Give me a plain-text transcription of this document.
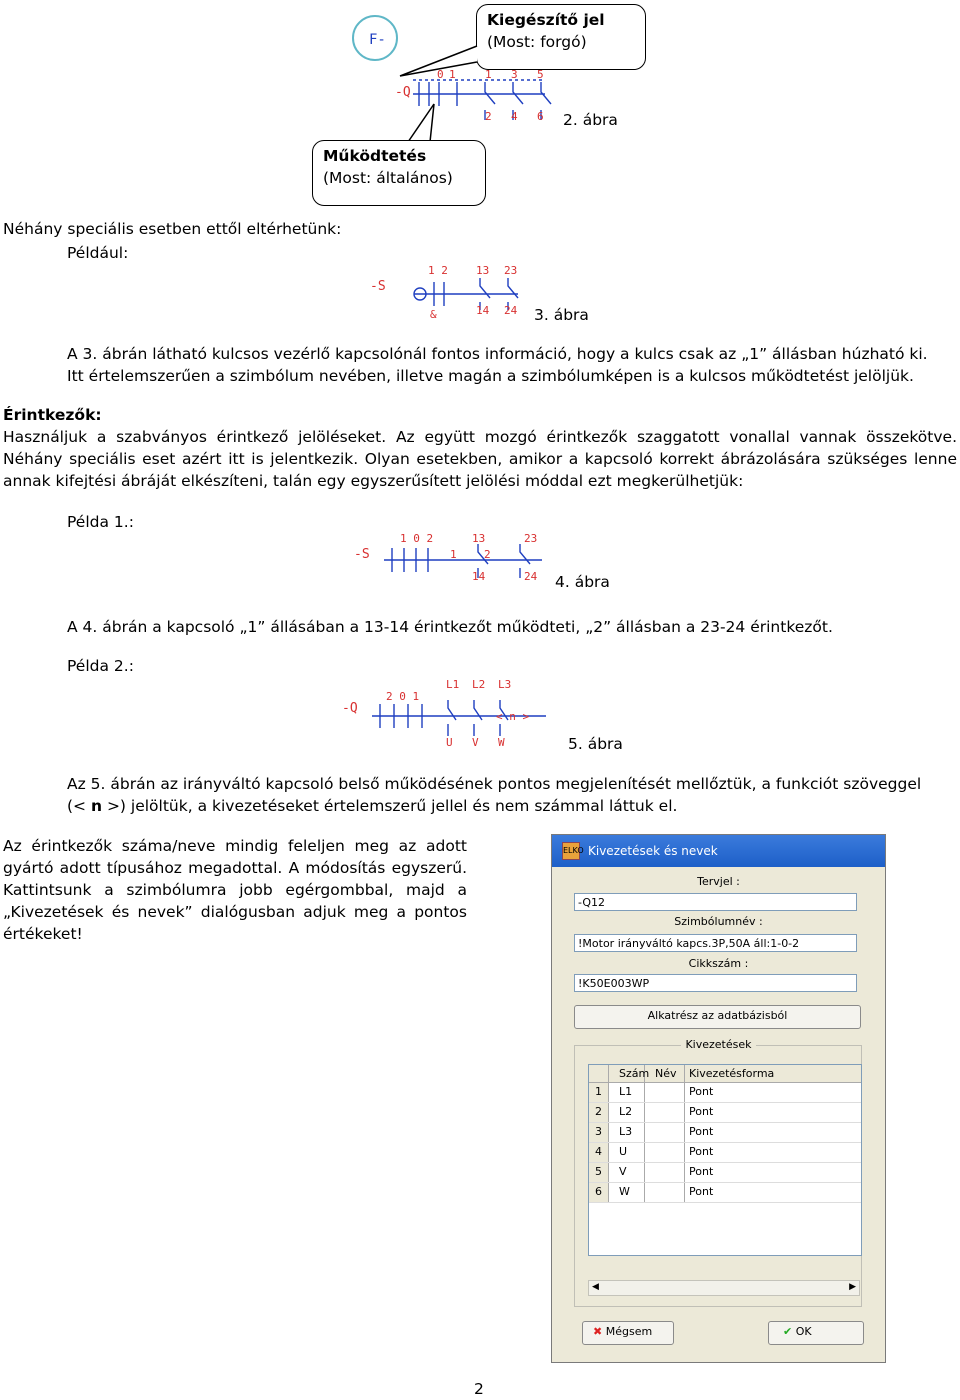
Kiegészítő jel
(Most: forgó)
F-
-Q
0 1	1 3 5
2 4 6 2. ábra
Működtetés
(Most: általános)
Néhány speciális esetben ettől eltérhetünk:
Például:
-S
1 2	13 23
&	14 24 3. ábra
A 3. ábrán látható kulcsos vezérlő kapcsolónál fontos információ, hogy a kulcs csak az „1” állásban húzható ki.
Itt értelemszerűen a szimbólum nevében, illetve magán a szimbólumképen is a kulcsos működtetést jelöljük.
Érintkezők:
Használjuk a szabványos érintkező jelöléseket. Az együtt mozgó érintkezők szaggatott vonallal vannak összekötve. Néhány speciális eset azért itt is jelentkezik. Olyan esetekben, amikor a kapcsoló korrekt ábrázolására szükséges lenne annak kifejtési ábráját elkészíteni, talán egy egyszerűsített jelölési móddal ezt megkerülhetjük:
Példa 1.:
-S
1 0 2	13	23
1 2
14	24 4. ábra
A 4. ábrán a kapcsoló „1” állásában a 13-14 érintkezőt működteti, „2” állásban a 23-24 érintkezőt.
Példa 2.:
-Q
2 0 1
L1 L2 L3
< n >
U V W	5. ábra
Az 5. ábrán az irányváltó kapcsoló belső működésének pontos megjelenítését mellőztük, a funkciót szöveggel
(< n >) jelöltük, a kivezetéseket értelemszerű jellel és nem számmal láttuk el.
Az érintkezők száma/neve mindig feleljen meg az adott gyártó adott típusához megadottal. A módosítás egyszerű. Kattintsunk a szimbólumra jobb egérgombbal, majd a „Kivezetések és nevek” dialógusban adjuk meg a pontos értékeket!
ELKO Kivezetések és nevek
Tervjel :
-Q12
Szimbólumnév :
!Motor irányváltó kapcs.3P,50A áll:1-0-2
Cikkszám :
!K50E003WP
Alkatrész az adatbázisból
Kivezetések
Szám Név	Kivezetésforma
1	L1	Pont
2	L2	Pont
3	L3	Pont
4	U	Pont
5	V	Pont
6	W	Pont
◀	▶
✖ Mégsem	✔ OK
2
